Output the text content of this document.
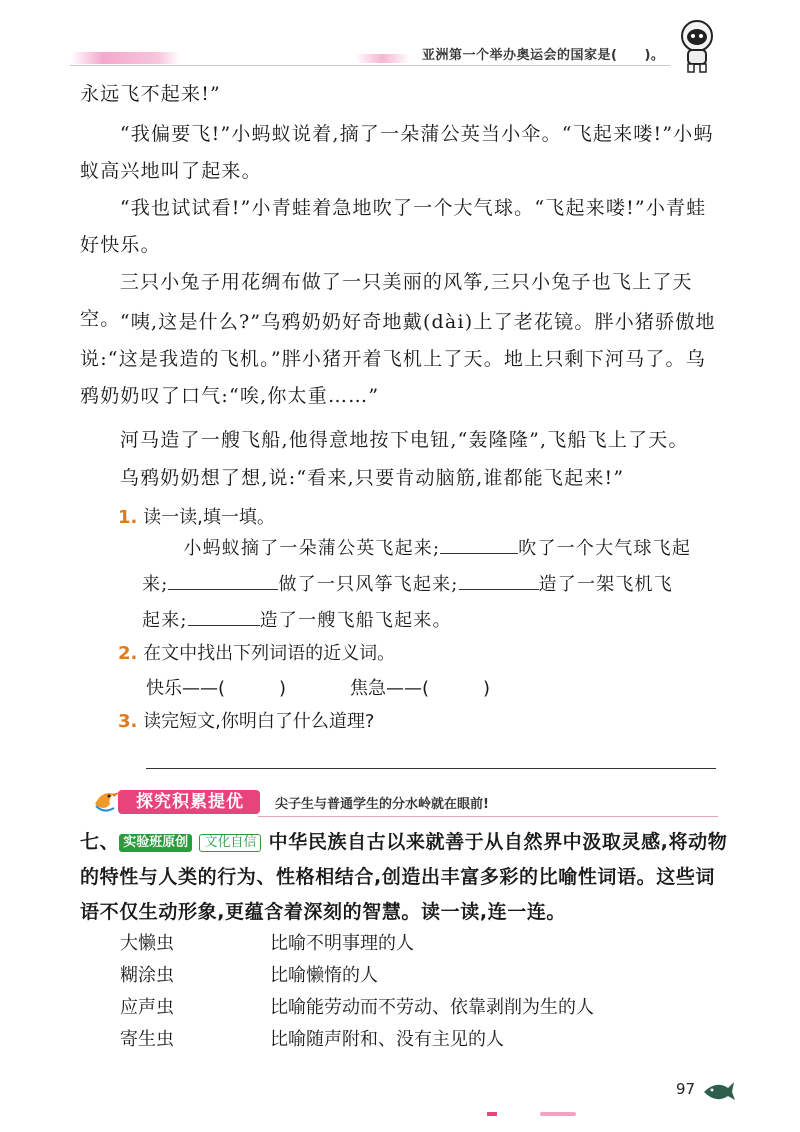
亚洲第一个举办奥运会的国家是(　　)。
永远飞不起来!”
“我偏要飞!”小蚂蚁说着,摘了一朵蒲公英当小伞。“飞起来喽!”小蚂蚁高兴地叫了起来。
“我也试试看!”小青蛙着急地吹了一个大气球。“飞起来喽!”小青蛙好快乐。
三只小兔子用花绸布做了一只美丽的风筝,三只小兔子也飞上了天空。 “咦,这是什么?”乌鸦奶奶好奇地戴(dài)上了老花镜。胖小猪骄傲地说:“这是我造的飞机。”胖小猪开着飞机上了天。地上只剩下河马了。乌鸦奶奶叹了口气:“唉,你太重……”
河马造了一艘飞船,他得意地按下电钮,“轰隆隆”,飞船飞上了天。
乌鸦奶奶想了想,说:“看来,只要肯动脑筋,谁都能飞起来!”
1. 读一读,填一填。
小蚂蚁摘了一朵蒲公英飞起来;	吹了一个大气球飞起
来;	做了一只风筝飞起来;	造了一架飞机飞
起来;	造了一艘飞船飞起来。
2. 在文中找出下列词语的近义词。
快乐——(　　　)	焦急——(　　　)
3. 读完短文,你明白了什么道理?
探究积累提优	尖子生与普通学生的分水岭就在眼前!
七、 实验班原创 文化自信 中华民族自古以来就善于从自然界中汲取灵感,将动物的特性与人类的行为、性格相结合,创造出丰富多彩的比喻性词语。这些词语不仅生动形象,更蕴含着深刻的智慧。读一读,连一连。
大懒虫	比喻不明事理的人
糊涂虫	比喻懒惰的人
应声虫	比喻能劳动而不劳动、依靠剥削为生的人
寄生虫	比喻随声附和、没有主见的人
97
